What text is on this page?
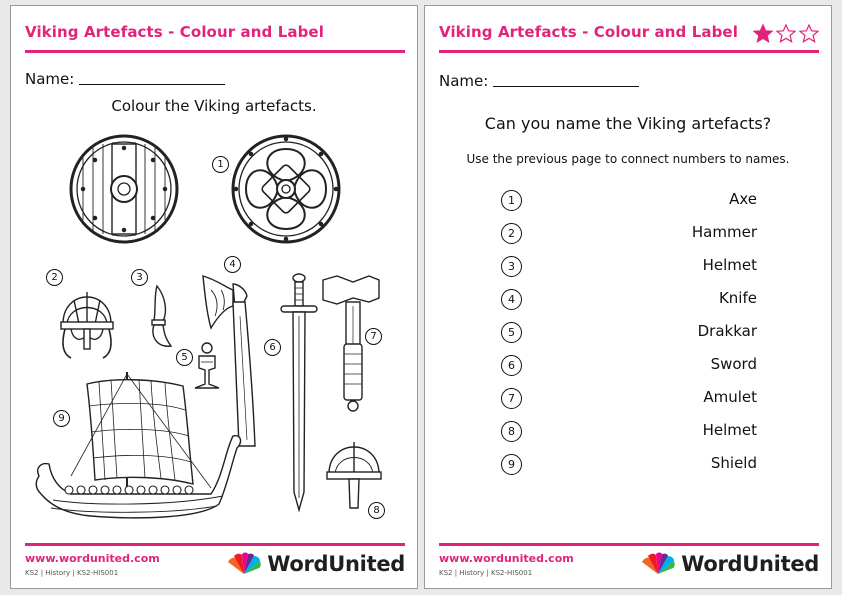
Viking Artefacts - Colour and Label
Name:
Colour the Viking artefacts.
1
2	3
4
5
6
7
8
9
www.wordunited.com
KS2 | History | KS2-HIS001	WordUnited
Viking Artefacts - Colour and Label
Name:
Can you name the Viking artefacts?
Use the previous page to connect numbers to names.
1	Axe
2	Hammer
3	Helmet
4	Knife
5	Drakkar
6	Sword
7	Amulet
8	Helmet
9	Shield
www.wordunited.com
KS2 | History | KS2-HIS001	WordUnited
